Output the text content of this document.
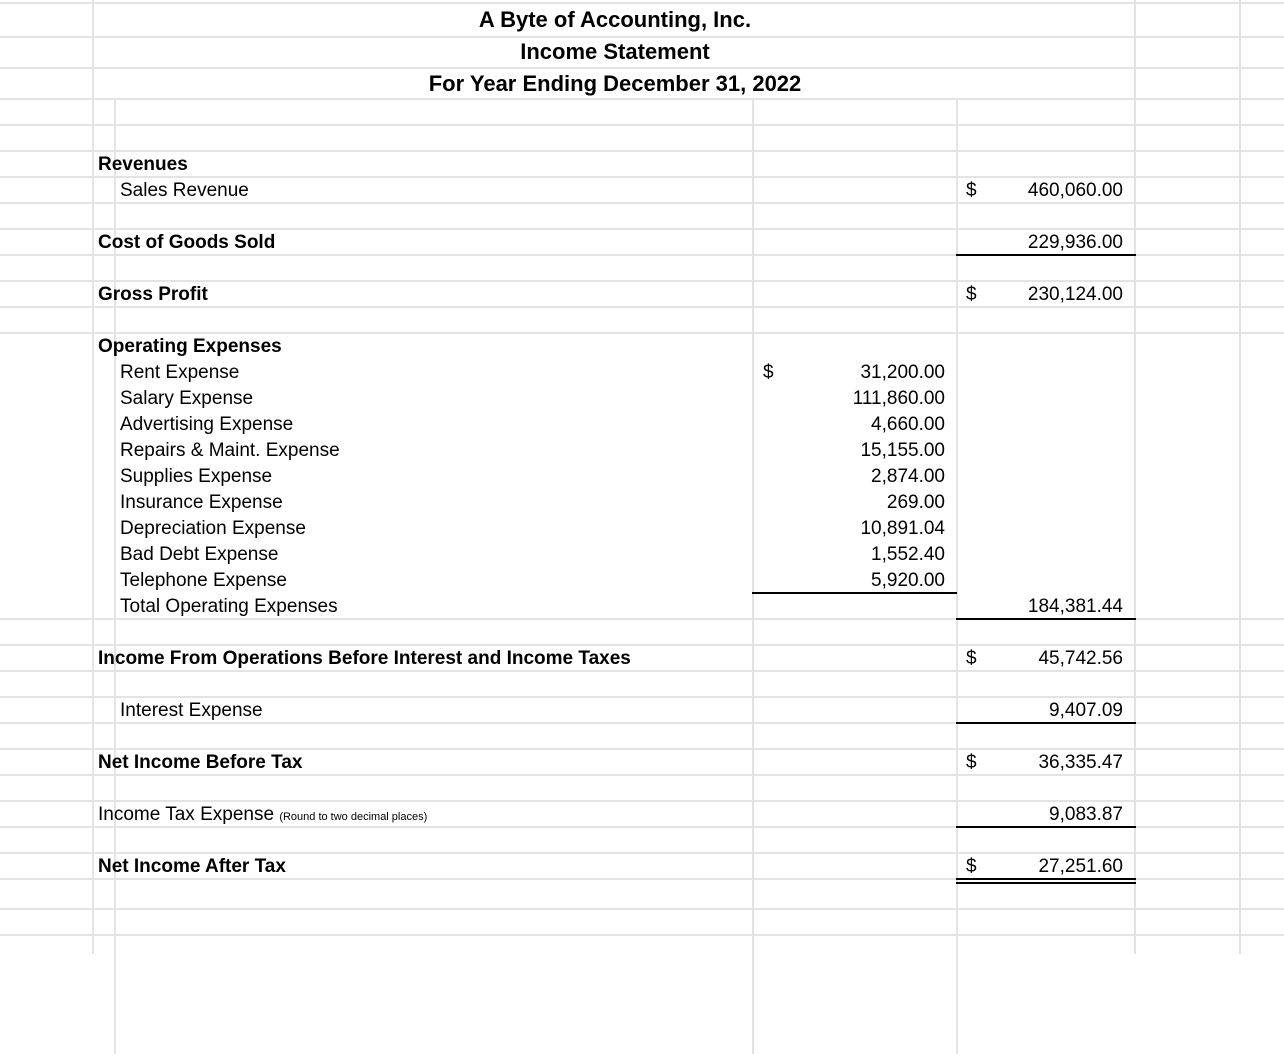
A Byte of Accounting, Inc.
Income Statement
For Year Ending December 31, 2022
Revenues
Sales Revenue	$	460,060.00
Cost of Goods Sold	229,936.00
Gross Profit	$	230,124.00
Operating Expenses
Rent Expense	$	31,200.00
Salary Expense	111,860.00
Advertising Expense	4,660.00
Repairs & Maint. Expense	15,155.00
Supplies Expense	2,874.00
Insurance Expense	269.00
Depreciation Expense	10,891.04
Bad Debt Expense	1,552.40
Telephone Expense	5,920.00
Total Operating Expenses	184,381.44
Income From Operations Before Interest and Income Taxes	$	45,742.56
Interest Expense	9,407.09
Net Income Before Tax	$	36,335.47
Income Tax Expense (Round to two decimal places)	9,083.87
Net Income After Tax	$	27,251.60
